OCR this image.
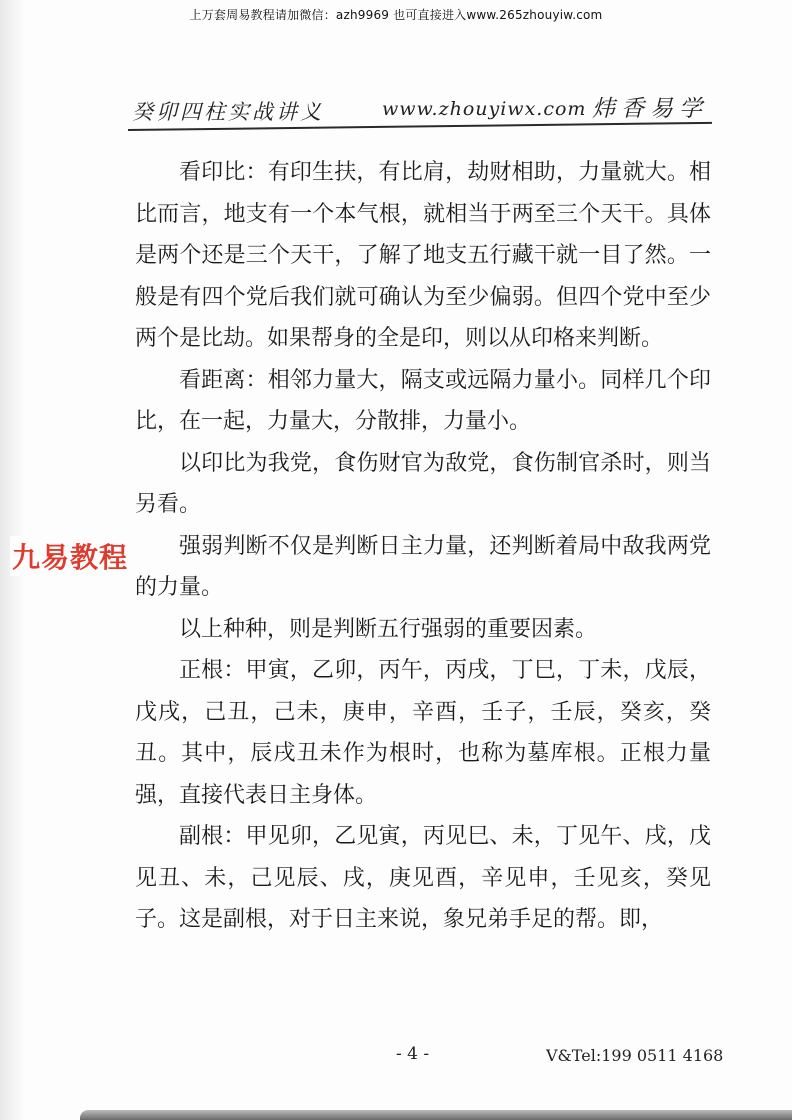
上万套周易教程请加微信：azh9969 也可直接进入www.265zhouyiw.com
癸卯四柱实战讲义	www.zhouyiwx.com 炜香易学

看印比：有印生扶，有比肩，劫财相助，力量就大。相比而言，地支有一个本气根，就相当于两至三个天干。具体是两个还是三个天干，了解了地支五行藏干就一目了然。一般是有四个党后我们就可确认为至少偏弱。但四个党中至少两个是比劫。如果帮身的全是印，则以从印格来判断。

看距离：相邻力量大，隔支或远隔力量小。同样几个印比，在一起，力量大，分散排，力量小。

以印比为我党，食伤财官为敌党，食伤制官杀时，则当另看。

强弱判断不仅是判断日主力量，还判断着局中敌我两党的力量。

以上种种，则是判断五行强弱的重要因素。

正根：甲寅，乙卯，丙午，丙戌，丁巳，丁未，戊辰，戊戌，己丑，己未，庚申，辛酉，壬子，壬辰，癸亥，癸丑。其中，辰戌丑未作为根时，也称为墓库根。正根力量强，直接代表日主身体。

副根：甲见卯，乙见寅，丙见巳、未，丁见午、戌，戊见丑、未，己见辰、戌，庚见酉，辛见申，壬见亥，癸见子。这是副根，对于日主来说，象兄弟手足的帮。即，

九易教程
- 4 -	V&Tel:199 0511 4168
